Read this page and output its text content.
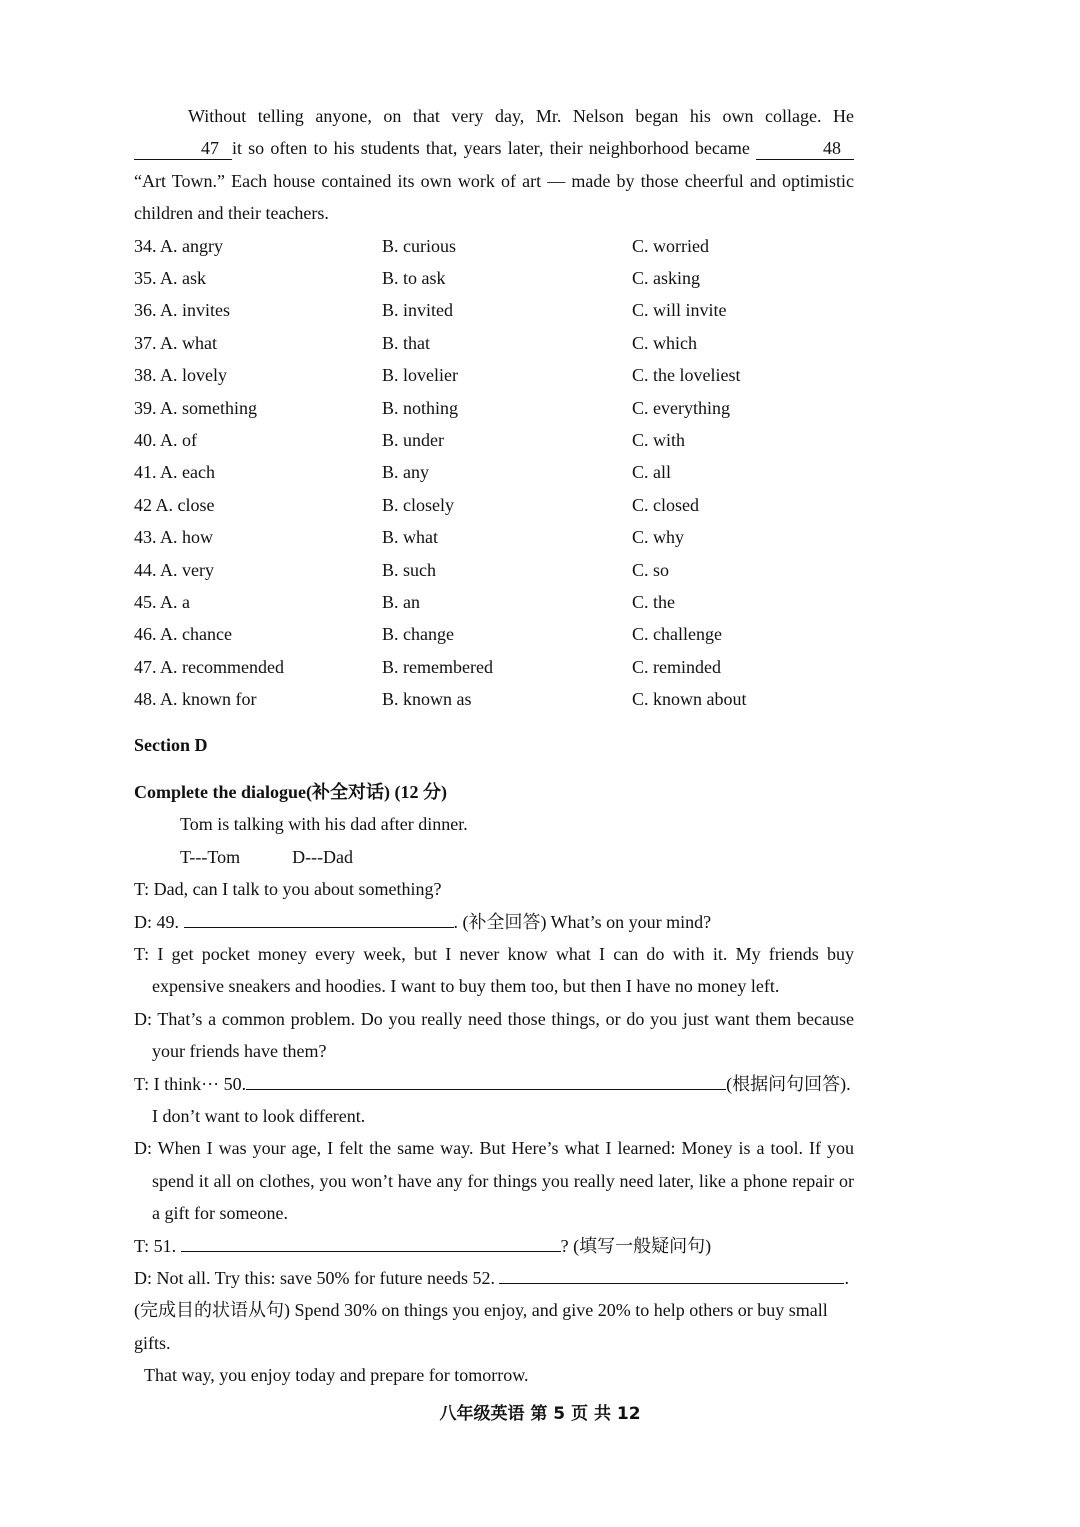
Without telling anyone, on that very day, Mr. Nelson began his own collage. He 47 it so often to his students that, years later, their neighborhood became	48 “Art Town.” Each house contained its own work of art — made by those cheerful and optimistic children and their teachers.

34. A. angry	B. curious	C. worried
35. A. ask	B. to ask	C. asking
36. A. invites	B. invited	C. will invite
37. A. what	B. that	C. which
38. A. lovely	B. lovelier	C. the loveliest
39. A. something	B. nothing	C. everything
40. A. of	B. under	C. with
41. A. each	B. any	C. all
42 A. close	B. closely	C. closed
43. A. how	B. what	C. why
44. A. very	B. such	C. so
45. A. a	B. an	C. the
46. A. chance	B. change	C. challenge
47. A. recommended	B. remembered	C. reminded
48. A. known for	B. known as	C. known about
Section D
Complete the dialogue(补全对话) (12 分)
Tom is talking with his dad after dinner.
T---Tom	D---Dad
T: Dad, can I talk to you about something?
D: 49.	. (补全回答) What’s on your mind?
T: I get pocket money every week, but I never know what I can do with it. My friends buy expensive sneakers and hoodies. I want to buy them too, but then I have no money left.
D: That’s a common problem. Do you really need those things, or do you just want them because your friends have them?
T: I think··· 50.	(根据问句回答).
I don’t want to look different.
D: When I was your age, I felt the same way. But Here’s what I learned: Money is a tool. If you spend it all on clothes, you won’t have any for things you really need later, like a phone repair or a gift for someone.
T: 51.	? (填写一般疑问句)
D: Not all. Try this: save 50% for future needs 52.	.
(完成目的状语从句) Spend 30% on things you enjoy, and give 20% to help others or buy small gifts.
That way, you enjoy today and prepare for tomorrow.
八年级英语 第 5 页 共 12
